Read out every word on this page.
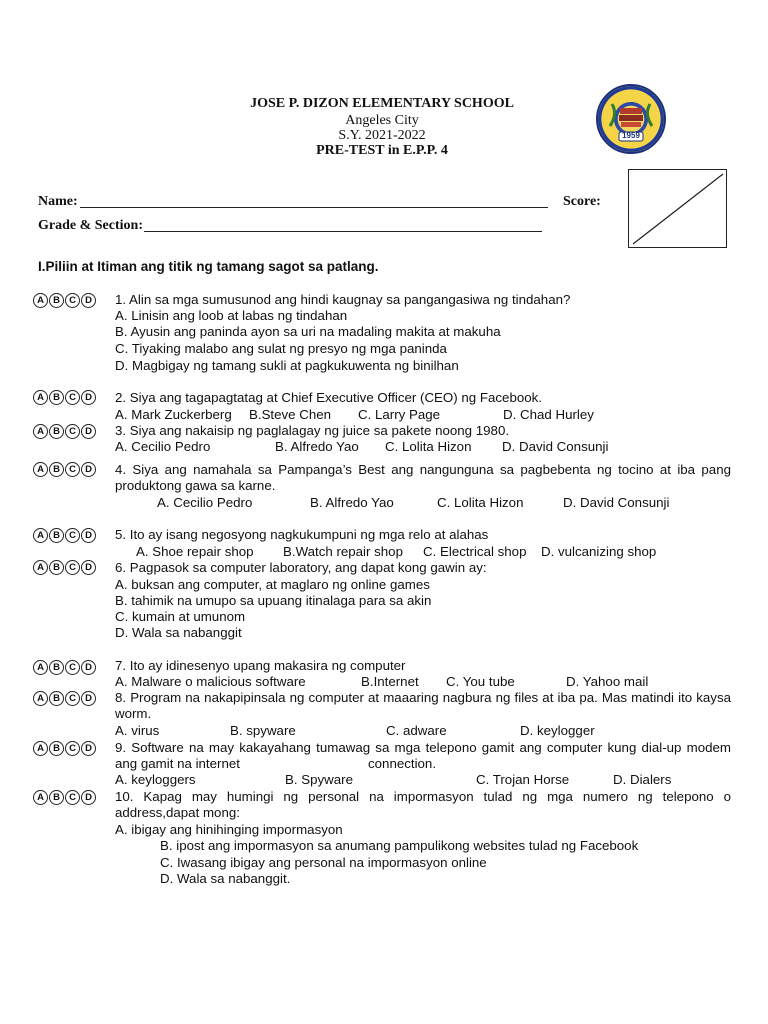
JOSE P. DIZON ELEMENTARY SCHOOL
Angeles City
S.Y. 2021-2022
PRE-TEST in E.P.P. 4
1959
Name:	Score:
Grade & Section:
I.Piliin at Itiman ang titik ng tamang sagot sa patlang.
A B C D
A B C D
A B C D
A B C D
A B C D
A B C D
A B C D
A B C D
A B C D
A B C D
1. Alin sa mga sumusunod ang hindi kaugnay sa pangangasiwa ng tindahan?
A. Linisin ang loob at labas ng tindahan
B. Ayusin ang paninda ayon sa uri na madaling makita at makuha
C. Tiyaking malabo ang sulat ng presyo ng mga paninda
D. Magbigay ng tamang sukli at pagkukuwenta ng binilhan
2. Siya ang tagapagtatag at Chief Executive Officer (CEO) ng Facebook.
A. Mark Zuckerberg B.Steve Chen C. Larry Page	D. Chad Hurley
3. Siya ang nakaisip ng paglalagay ng juice sa pakete noong 1980.
A. Cecilio Pedro	B. Alfredo Yao C. Lolita Hizon D. David Consunji
4. Siya ang namahala sa Pampanga’s Best ang nangunguna sa pagbebenta ng tocino at iba pang produktong gawa sa karne.
A. Cecilio Pedro	B. Alfredo Yao	C. Lolita Hizon	D. David Consunji
5. Ito ay isang negosyong nagkukumpuni ng mga relo at alahas
A. Shoe repair shop B.Watch repair shop C. Electrical shop D. vulcanizing shop
6. Pagpasok sa computer laboratory, ang dapat kong gawin ay:
A. buksan ang computer, at maglaro ng online games
B. tahimik na umupo sa upuang itinalaga para sa akin
C. kumain at umunom
D. Wala sa nabanggit
7. Ito ay idinesenyo upang makasira ng computer
A. Malware o malicious software	B.Internet C. You tube	D. Yahoo mail
8. Program na nakapipinsala ng computer at maaaring nagbura ng files at iba pa. Mas matindi ito kaysa worm.
A. virus	B. spyware	C. adware	D. keylogger
9. Software na may kakayahang tumawag sa mga telepono gamit ang computer kung dial-up modem ang gamit na internet	connection.
A. keyloggers	B. Spyware	C. Trojan Horse	D. Dialers
10. Kapag may humingi ng personal na impormasyon tulad ng mga numero ng telepono o address,dapat mong:
A. ibigay ang hinihinging impormasyon
B. ipost ang impormasyon sa anumang pampulikong websites tulad ng Facebook
C. Iwasang ibigay ang personal na impormasyon online
D. Wala sa nabanggit.
